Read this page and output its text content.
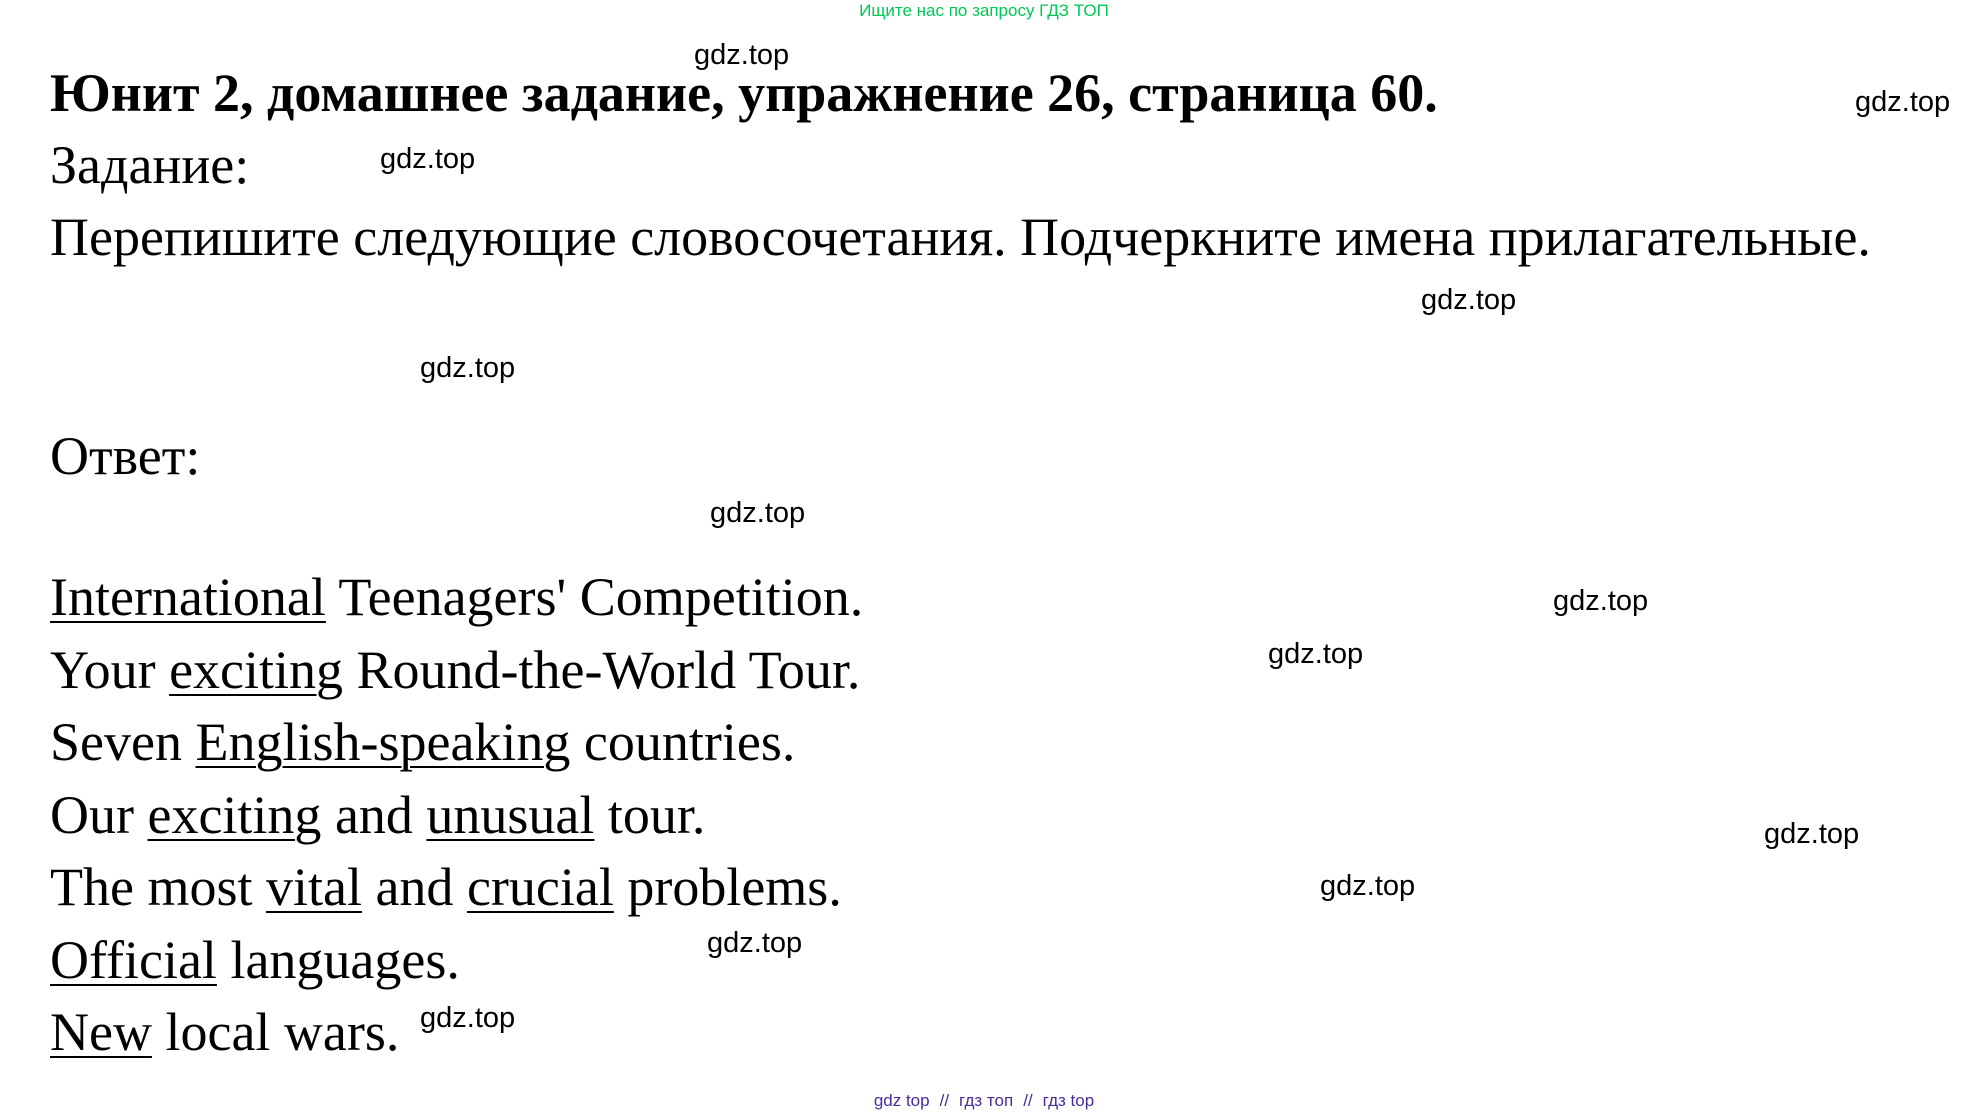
Ищите нас по запросу ГДЗ ТОП
Юнит 2, домашнее задание, упражнение 26, страница 60.

Задание:

Перепишите следующие словосочетания. Подчеркните имена прилагательные.

Ответ:

International Teenagers' Competition.
Your exciting Round-the-World Tour.
Seven English-speaking countries.
Our exciting and unusual tour.
The most vital and crucial problems.
Official languages.
New local wars.
gdz.top
gdz.top
gdz.top
gdz.top
gdz.top
gdz.top
gdz.top
gdz.top
gdz.top
gdz.top
gdz.top
gdz.top
gdz top // гдз топ // гдз top
